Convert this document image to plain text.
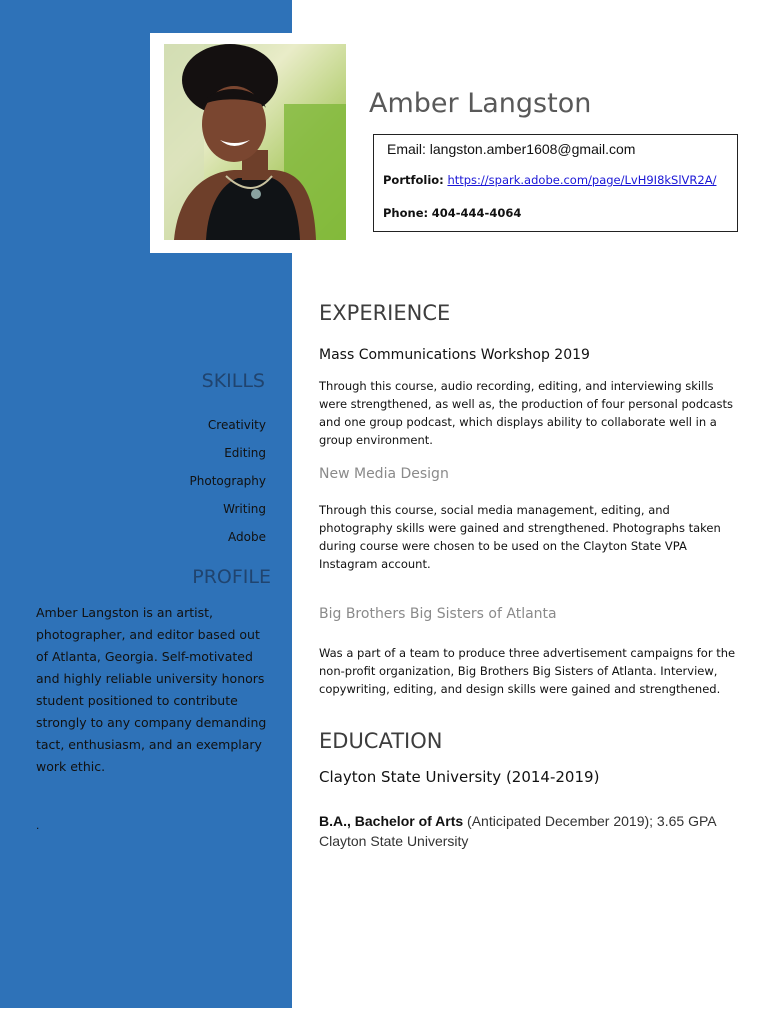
Amber Langston
Email: langston.amber1608@gmail.com
Portfolio: https://spark.adobe.com/page/LvH9I8kSlVR2A/
Phone: 404-444-4064
SKILLS
Creativity
Editing
Photography
Writing
Adobe
PROFILE

Amber Langston is an artist, photographer, and editor based out of Atlanta, Georgia. Self-motivated and highly reliable university honors student positioned to contribute strongly to any company demanding tact, enthusiasm, and an exemplary work ethic.

.
EXPERIENCE
Mass Communications Workshop 2019

Through this course, audio recording, editing, and interviewing skills were strengthened, as well as, the production of four personal podcasts and one group podcast, which displays ability to collaborate well in a group environment.

New Media Design

Through this course, social media management, editing, and photography skills were gained and strengthened. Photographs taken during course were chosen to be used on the Clayton State VPA Instagram account.

Big Brothers Big Sisters of Atlanta

Was a part of a team to produce three advertisement campaigns for the non-profit organization, Big Brothers Big Sisters of Atlanta. Interview, copywriting, editing, and design skills were gained and strengthened.

EDUCATION
Clayton State University (2014-2019)

B.A., Bachelor of Arts (Anticipated December 2019); 3.65 GPA
Clayton State University
